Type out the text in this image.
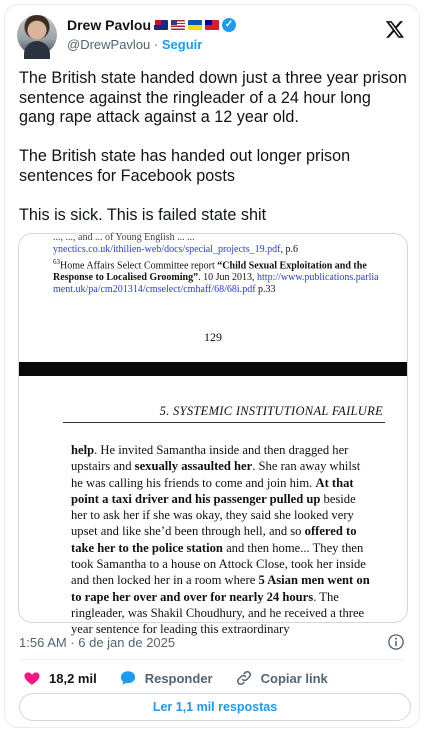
Drew Pavlou	✓
@DrewPavlou · Seguir
The British state handed down just a three year prison sentence against the ringleader of a 24 hour long gang rape attack against a 12 year old.

The British state has handed out longer prison sentences for Facebook posts

This is sick. This is failed state shit
..., ..., and ... of Young English ... ...
ynectics.co.uk/ithilien-web/docs/special_projects_19.pdf, p.6
$^{63}$Home Affairs Select Committee report “Child Sexual Exploitation and the Response to Localised Grooming”. 10 Jun 2013, http://www.publications.parliament.uk/pa/cm201314/cmselect/cmhaff/68/68i.pdf p.33
129
5. SYSTEMIC INSTITUTIONAL FAILURE
help. He invited Samantha inside and then dragged her upstairs and sexually assaulted her. She ran away whilst he was calling his friends to come and join him. At that point a taxi driver and his passenger pulled up beside her to ask her if she was okay, they said she looked very upset and like she’d been through hell, and so offered to take her to the police station and then home... They then took Samantha to a house on Attock Close, took her inside and then locked her in a room where 5 Asian men went on to rape her over and over for nearly 24 hours. The ringleader, was Shakil Choudhury, and he received a three year sentence for leading this extraordinary
1:56 AM · 6 de jan de 2025
18,2 mil	Responder	Copiar link
Ler 1,1 mil respostas
